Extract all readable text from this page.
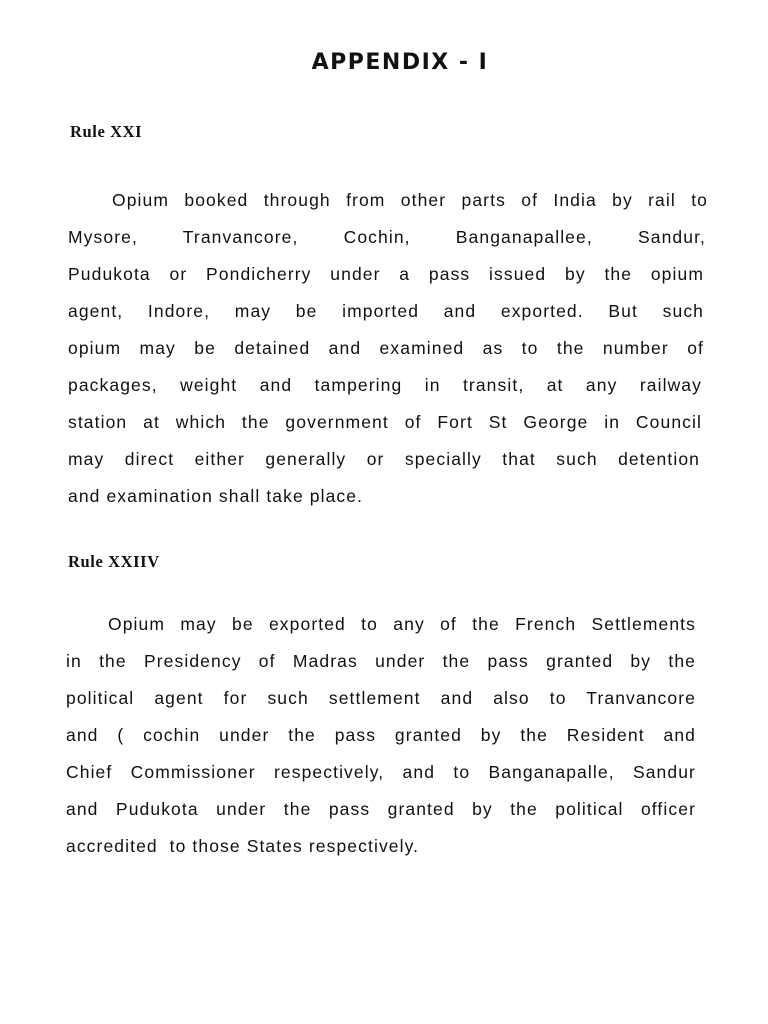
APPENDIX - I
Rule XXI
Opium booked through from other parts of India by rail to
Mysore, Tranvancore, Cochin, Banganapallee, Sandur,
Pudukota or Pondicherry under a pass issued by the opium
agent, Indore, may be imported and exported. But such
opium may be detained and examined as to the number of
packages, weight and tampering in transit, at any railway
station at which the government of Fort St George in Council
may direct either generally or specially that such detention
and examination shall take place.
Rule XXIIV
Opium may be exported to any of the French Settlements
in the Presidency of Madras under the pass granted by the
political agent for such settlement and also to Tranvancore
and ( cochin under the pass granted by the Resident and
Chief Commissioner respectively, and to Banganapalle, Sandur
and Pudukota under the pass granted by the political officer
accredited  to those States respectively.
